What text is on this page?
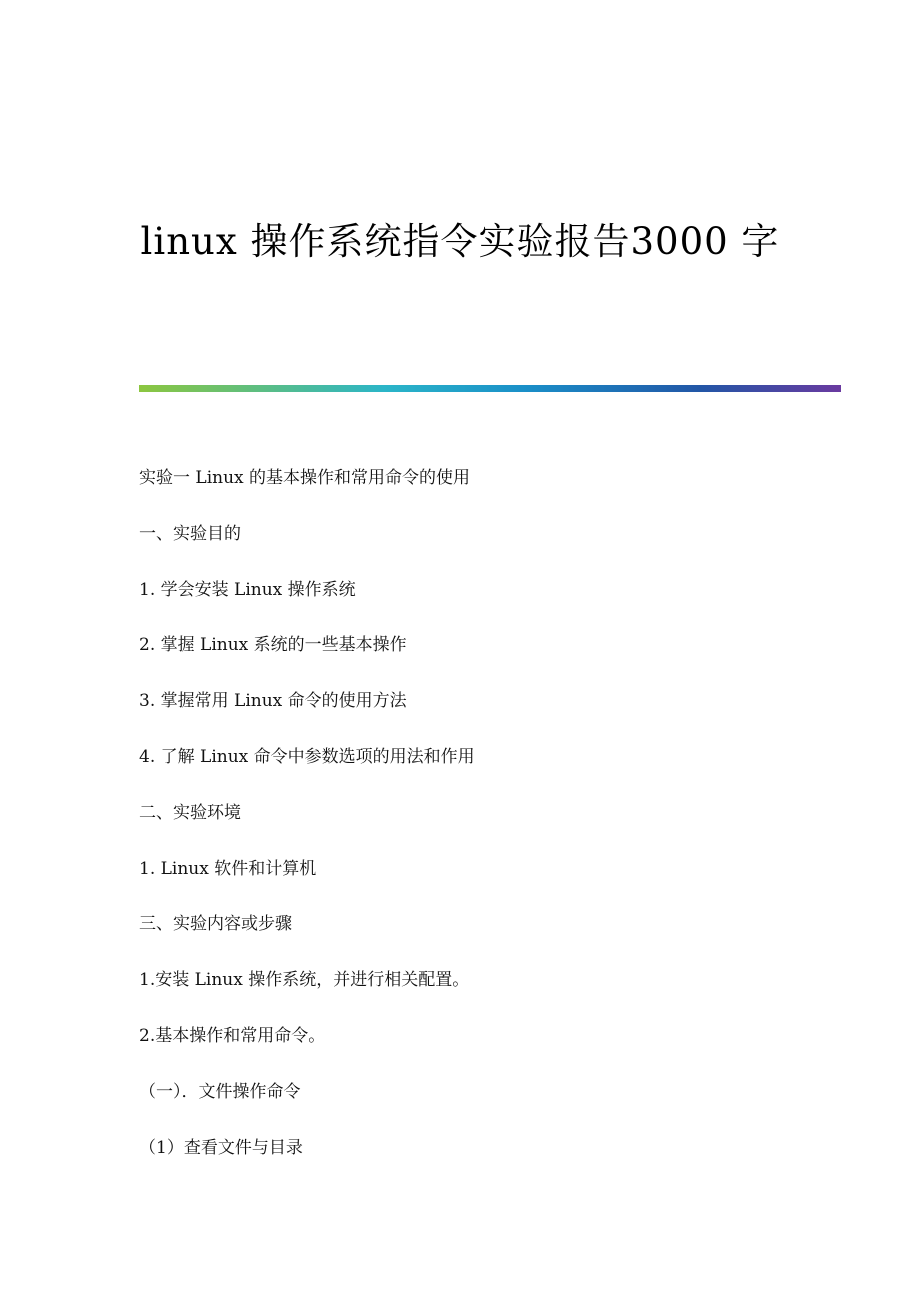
linux 操作系统指令实验报告3000 字
实验一 Linux 的基本操作和常用命令的使用
一、实验目的
1. 学会安装 Linux 操作系统
2. 掌握 Linux 系统的一些基本操作
3. 掌握常用 Linux 命令的使用方法
4. 了解 Linux 命令中参数选项的用法和作用
二、实验环境
1. Linux 软件和计算机
三、实验内容或步骤
1.安装 Linux 操作系统，并进行相关配置。
2.基本操作和常用命令。
（一）．文件操作命令
（1）查看文件与目录
